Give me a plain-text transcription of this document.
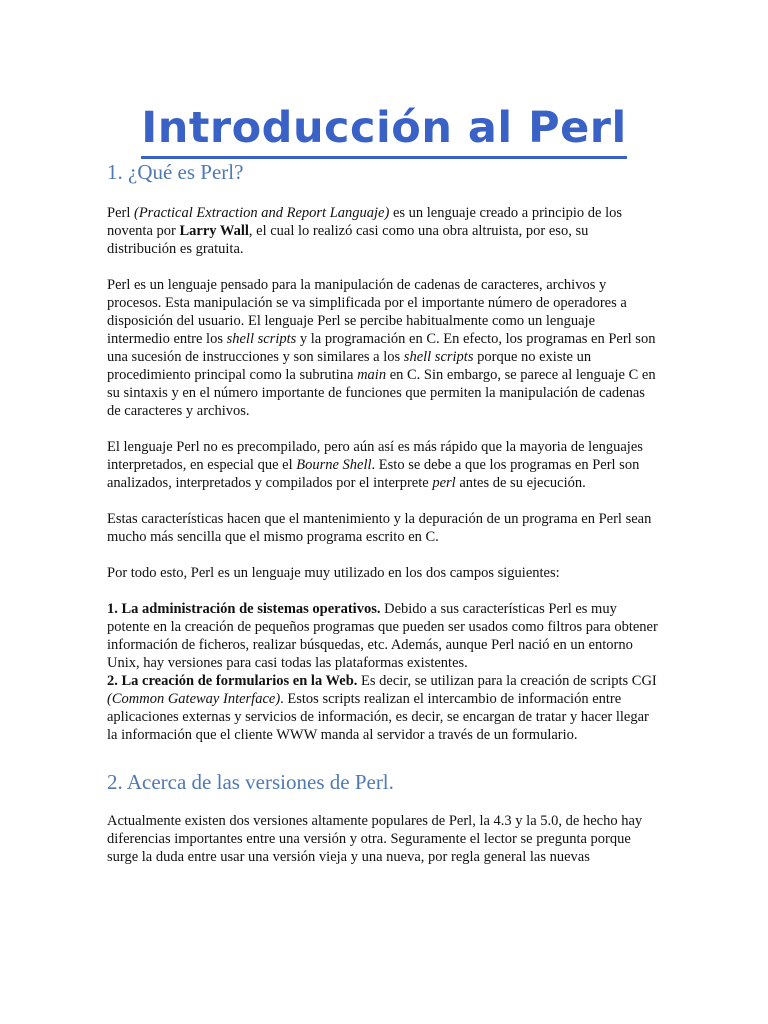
Introducción al Perl
1. ¿Qué es Perl?

Perl (Practical Extraction and Report Languaje) es un lenguaje creado a principio de los noventa por Larry Wall, el cual lo realizó casi como una obra altruista, por eso, su distribución es gratuita.

Perl es un lenguaje pensado para la manipulación de cadenas de caracteres, archivos y procesos. Esta manipulación se va simplificada por el importante número de operadores a disposición del usuario. El lenguaje Perl se percibe habitualmente como un lenguaje intermedio entre los shell scripts y la programación en C. En efecto, los programas en Perl son una sucesión de instrucciones y son similares a los shell scripts porque no existe un procedimiento principal como la subrutina main en C. Sin embargo, se parece al lenguaje C en su sintaxis y en el número importante de funciones que permiten la manipulación de cadenas de caracteres y archivos.

El lenguaje Perl no es precompilado, pero aún así es más rápido que la mayoria de lenguajes interpretados, en especial que el Bourne Shell. Esto se debe a que los programas en Perl son analizados, interpretados y compilados por el interprete perl antes de su ejecución.

Estas características hacen que el mantenimiento y la depuración de un programa en Perl sean mucho más sencilla que el mismo programa escrito en C.

Por todo esto, Perl es un lenguaje muy utilizado en los dos campos siguientes:

1. La administración de sistemas operativos. Debido a sus características Perl es muy potente en la creación de pequeños programas que pueden ser usados como filtros para obtener información de ficheros, realizar búsquedas, etc. Además, aunque Perl nació en un entorno Unix, hay versiones para casi todas las plataformas existentes.

2. La creación de formularios en la Web. Es decir, se utilizan para la creación de scripts CGI (Common Gateway Interface). Estos scripts realizan el intercambio de información entre aplicaciones externas y servicios de información, es decir, se encargan de tratar y hacer llegar la información que el cliente WWW manda al servidor a través de un formulario.

2. Acerca de las versiones de Perl.

Actualmente existen dos versiones altamente populares de Perl, la 4.3 y la 5.0, de hecho hay diferencias importantes entre una versión y otra. Seguramente el lector se pregunta porque surge la duda entre usar una versión vieja y una nueva, por regla general las nuevas
